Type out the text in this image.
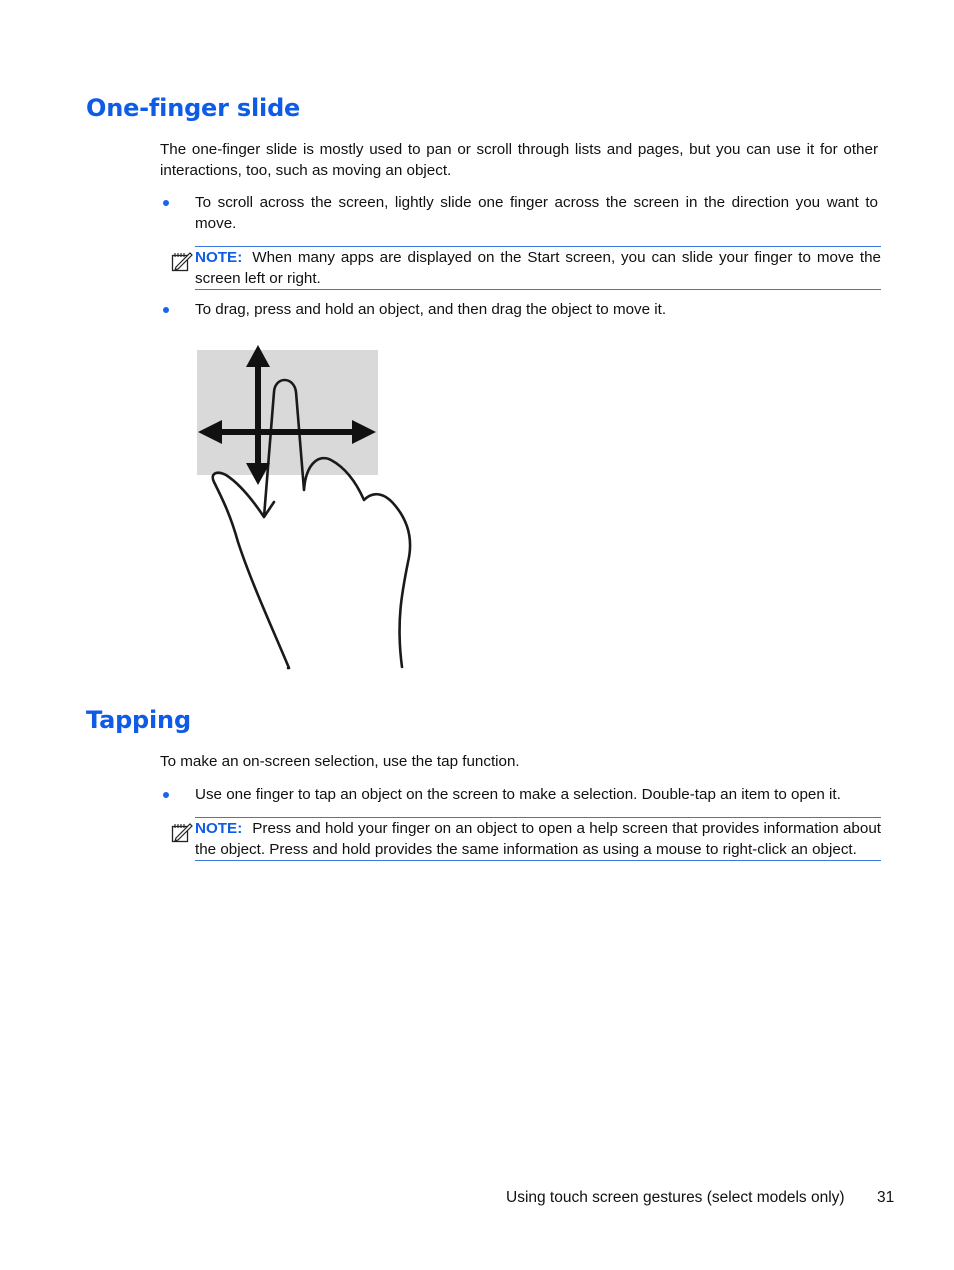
One-finger slide

The one-finger slide is mostly used to pan or scroll through lists and pages, but you can use it for other interactions, too, such as moving an object.

To scroll across the screen, lightly slide one finger across the screen in the direction you want to move.

NOTE: When many apps are displayed on the Start screen, you can slide your finger to move the screen left or right.

To drag, press and hold an object, and then drag the object to move it.

Tapping

To make an on-screen selection, use the tap function.

Use one finger to tap an object on the screen to make a selection. Double-tap an item to open it.

NOTE: Press and hold your finger on an object to open a help screen that provides information about the object. Press and hold provides the same information as using a mouse to right-click an object.
Using touch screen gestures (select models only) 31
